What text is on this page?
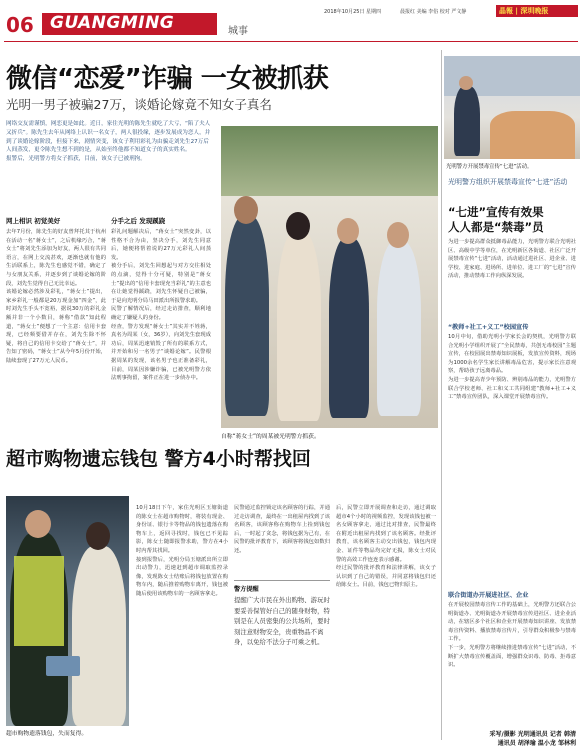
06 GUANGMING	城事
2018年10月25日 星期四	晨报红 美编 李俗 校对 严文静	晶報 | 深圳晚报
微信“恋爱”诈骗 一女被抓获
光明一男子被骗27万，谈婚论嫁竟不知女子真名
网络交友需谨慎，网恋更是如此。近日，家住光明的陈先生就吃了大亏，“陷了夫人又折兵”。陈先生去年从网络上认识一名女子，两人很投缘，逐步发展成为恋人，并到了谈婚论嫁阶段，但接下来，剧情突变，该女子利用彩礼为由骗走刘先生27万后人间蒸发，更令陈先生想不到的是，从始至终他都不知道女子的真实姓名。
报警后，光明警方将女子抓获，目前，该女子已被刑拘。
网上相识 初觉美好
去年7月份，陈先生的好友曾拜托其于杭州在活动一名“蒋女士”，之后机缘巧合，“蒋女士”将刘先生添加为好友，两人很有共同语言，在网上交流甚欢，逐渐也就有他的生活联系上，陈先生也感觉不错，确定了与女朋友关系，并逐步到了谈婚论嫁的阶段，刘先生觉得自己无比幸运。
该婚论嫁必然涉及彩礼，“蒋女士”提出，家乡彩礼一般都是20万现金加“四金”，此时刘先生手头不宽裕，据说30万的彩礼金额并非一个小数目，蒋称“借款”知此程道，“蒋女士”便想了一个主意：信用卡套现，已经频要借并存在，刘先生除不怀疑，将自己的信用卡交给了“蒋女士”，并告知了密码，“蒋女士”从今年5月份开始，陆续套现了27万元人民币。
分手之后 发现蹊跷
彩礼问题解决后，“蒋女士”突然变卦，以性格不合为由，坚决分手，刘先生同意后，她便将帮着说的27万元彩礼人间蒸发。
被分手后，刘先生回想起与对方交往相处的点滴，觉得十分可疑，特别是“蒋女士”提出的“信用卡套现充当彩礼”的主意也在让她觉得蹊跷，刘先生怀疑自己被骗，于是向光明分局马田派出所报警求助。
民警了解情况后，经过走访排查，顺利地确定了嫌疑人的身份。
经查，警方发现“蒋女士”其实并不姓蒋，真名为周某（女，36岁），向刘先生套现成功后，周某迅速销毁了所有的联系方式，并开始和另一名男子“谈婚论嫁”。民警根据周某的发现，该名男子也正准备彩礼，目前，周某因涉嫌诈骗，已被光明警方依法刑事拘留，案件正在进一步侦办中。
自称“蒋女士”的周某被光明警方抓获。
光明警方开展禁毒宣传“七进”活动。
光明警方组织开展禁毒宣传“七进”活动
“七进”宣传有效果
人人都是“禁毒”员
为进一步提高群众抵御毒品能力，光明警方联合光明社区、高级中学等单位，在光明新区各街道、社区广泛开展禁毒宣传“七进”活动，活动通过进社区、进企业、进学校、进家庭、进场所、进单位、进工厂的“七进”宣传活动，推动禁毒工作向纵深发展。
“教师+社工+义工”校园宣传
10月中旬，借助光明小学家长会的契机，光明警方联合光明小学组织开展了“全民禁毒，共创无毒校园”主题宣传，在校园展出禁毒知识展板，发放宣传资料，现场为1000余名学生家长讲解毒品危害，提示家长注意观察，帮助孩子远离毒品。
为进一步提高青少年预防、辨别毒品的能力，光明警方联合学校老师、社工和义工共同组建“教师+社工+义工”禁毒宣传团队，深入课堂开展禁毒宣传。
联合街道办开展进社区、企业
在开展校园禁毒宣传工作的基础上，光明警方还联合公明街道办、光明街道办开展禁毒宣传进社区、进企业活动，在辖区多个社区和企业开展禁毒知识讲座、发放禁毒宣传资料、播放禁毒宣传片，引导群众积极参与禁毒工作。
下一步，光明警方将继续推进禁毒宣传“七进”活动，不断扩大禁毒宣传覆盖面，增强群众识毒、防毒、拒毒意识。
采写/摄影 光明通讯员 记者 韩清
通讯员 胡泽瑜 温小龙 邹林利
超市购物遗忘钱包 警方4小时帮找回
超市购物遗落钱包，失而复得。
10月18日下午，家住光明区玉塘街道的陈女士在超市购物时，将装有现金、身份证、银行卡等物品的钱包遗落在购物车上，返回寻找时，钱包已不见踪影，陈女士随即报警求助，警方在4小时内帮其找回。
接到报警后，光明分局玉塘派出所立即出动警力，迅速赶到超市调取监控录像，发现陈女士结账后将钱包放置在购物车内，随后推着购物车离开，钱包被随后使用该购物车的一名顾客拿走。
民警通过监控锁定该名顾客的行踪，并通过走访调查，最终在一出租屋内找到了该名顾客，该顾客称在购物车上捡到钱包后，一时起了贪念，将钱包据为己有，在民警的批评教育下，该顾客将钱包如数归还。
警方提醒
提醒广大市民在外出购物、游玩时要妥善保管好自己的随身财物，特别是在人员密集的公共场所，要时刻注意财物安全，贵重物品不离身，以免给不法分子可乘之机。
后，民警立即开展调查和走访，通过调取超市4个小时的视频监控，发现该钱包被一名女顾客拿走，通过比对排查，民警最终在附近出租屋内找到了该名顾客。经批评教育，该名顾客主动交出钱包，钱包内现金、证件等物品均完好无损，陈女士对民警的高效工作连连表示感谢。
经过民警的批评教育和法律讲解，该女子认识到了自己的错误，并同意将钱包归还给陈女士。目前，钱包已物归原主。
